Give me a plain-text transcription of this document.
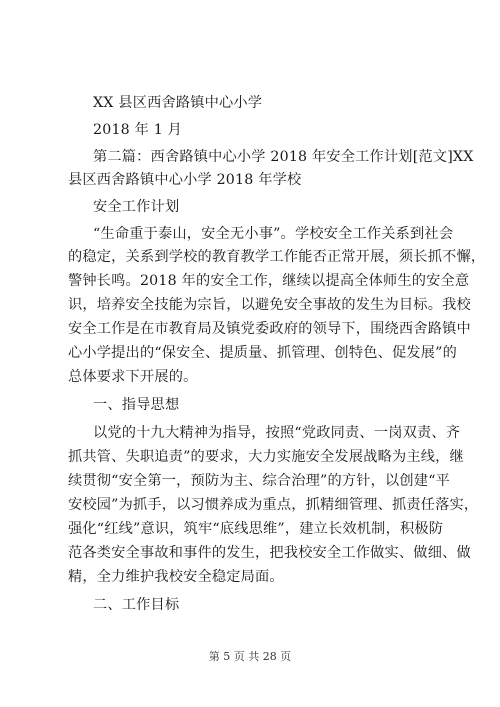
XX 县区西舍路镇中心小学
2018 年 1 月
第二篇：西舍路镇中心小学 2018 年安全工作计划[范文]XX
县区西舍路镇中心小学 2018 年学校
安全工作计划
“生命重于泰山，安全无小事”。学校安全工作关系到社会
的稳定，关系到学校的教育教学工作能否正常开展，须长抓不懈，
警钟长鸣。2018 年的安全工作，继续以提高全体师生的安全意
识，培养安全技能为宗旨，以避免安全事故的发生为目标。我校
安全工作是在市教育局及镇党委政府的领导下，围绕西舍路镇中
心小学提出的“保安全、提质量、抓管理、创特色、促发展”的
总体要求下开展的。
一、指导思想
以党的十九大精神为指导，按照“党政同责、一岗双责、齐
抓共管、失职追责”的要求，大力实施安全发展战略为主线，继
续贯彻“安全第一，预防为主、综合治理”的方针，以创建“平
安校园”为抓手，以习惯养成为重点，抓精细管理、抓责任落实，
强化“红线”意识，筑牢“底线思维”，建立长效机制，积极防
范各类安全事故和事件的发生，把我校安全工作做实、做细、做
精，全力维护我校安全稳定局面。
二、工作目标
第 5 页 共 28 页
